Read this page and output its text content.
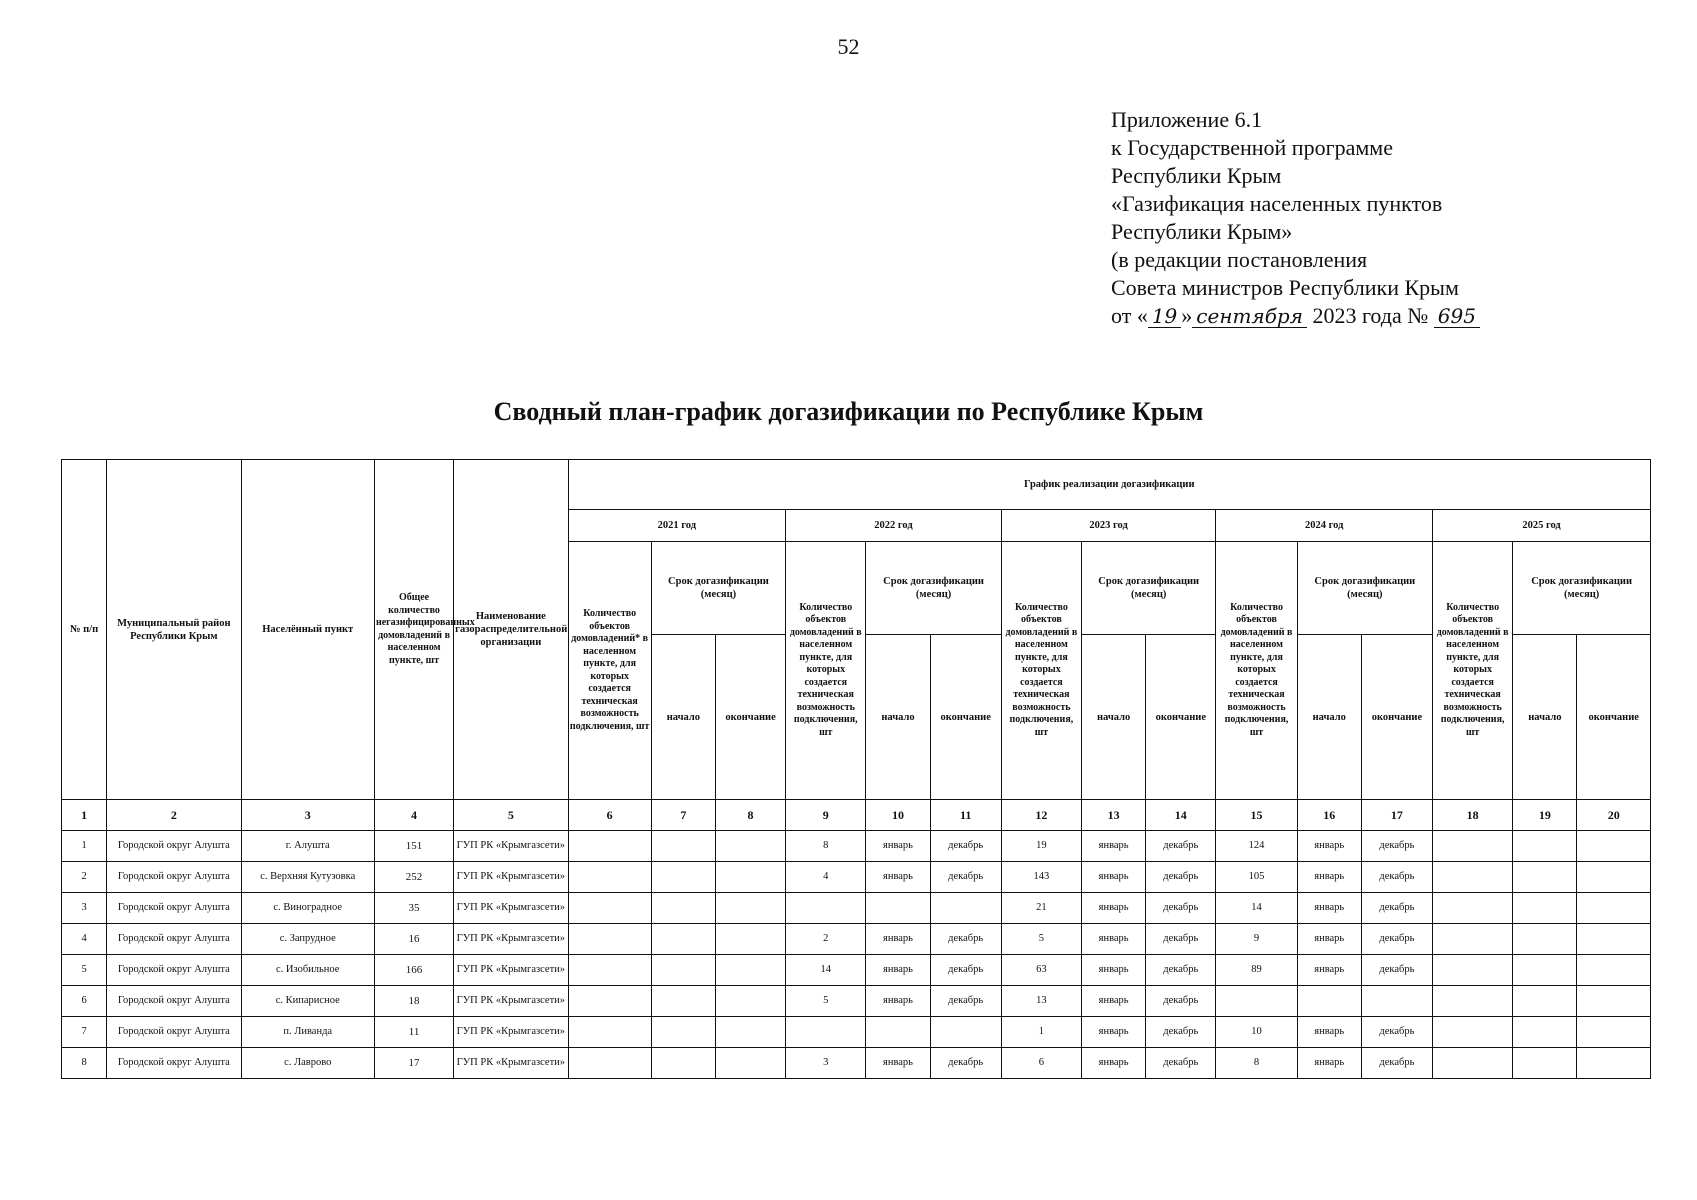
52
Приложение 6.1
к Государственной программе
Республики Крым
«Газификация населенных пунктов
Республики Крым»
(в редакции постановления
Совета министров Республики Крым
от « 19 » сентября 2023 года № 695
Сводный план-график догазификации по Республике Крым
№ п/п	Муниципальный район Республики Крым	Населённый пункт	Общее количество негазифицированных домовладений в населенном пункте, шт	Наименование газораспределительной организации	График реализации догазификации														
					2021 год			2022 год			2023 год			2024 год			2025 год		
					Количество объектов домовладений* в населенном пункте, для которых создается техническая возможность подключения, шт	Срок догазификации (месяц)		Количество объектов домовладений в населенном пункте, для которых создается техническая возможность подключения, шт	Срок догазификации (месяц)		Количество объектов домовладений в населенном пункте, для которых создается техническая возможность подключения, шт	Срок догазификации (месяц)		Количество объектов домовладений в населенном пункте, для которых создается техническая возможность подключения, шт	Срок догазификации (месяц)		Количество объектов домовладений в населенном пункте, для которых создается техническая возможность подключения, шт	Срок догазификации (месяц)	
						начало	окончание		начало	окончание		начало	окончание		начало	окончание		начало	окончание
1	2	3	4	5	6	7	8	9	10	11	12	13	14	15	16	17	18	19	20
1	Городской округ Алушта	г. Алушта	151	ГУП РК «Крымгазсети»				8	январь	декабрь	19	январь	декабрь	124	январь	декабрь			
2	Городской округ Алушта	с. Верхняя Кутузовка	252	ГУП РК «Крымгазсети»				4	январь	декабрь	143	январь	декабрь	105	январь	декабрь			
3	Городской округ Алушта	с. Виноградное	35	ГУП РК «Крымгазсети»							21	январь	декабрь	14	январь	декабрь			
4	Городской округ Алушта	с. Запрудное	16	ГУП РК «Крымгазсети»				2	январь	декабрь	5	январь	декабрь	9	январь	декабрь			
5	Городской округ Алушта	с. Изобильное	166	ГУП РК «Крымгазсети»				14	январь	декабрь	63	январь	декабрь	89	январь	декабрь			
6	Городской округ Алушта	с. Кипарисное	18	ГУП РК «Крымгазсети»				5	январь	декабрь	13	январь	декабрь						
7	Городской округ Алушта	п. Ливанда	11	ГУП РК «Крымгазсети»							1	январь	декабрь	10	январь	декабрь			
8	Городской округ Алушта	с. Лаврово	17	ГУП РК «Крымгазсети»				3	январь	декабрь	6	январь	декабрь	8	январь	декабрь			
